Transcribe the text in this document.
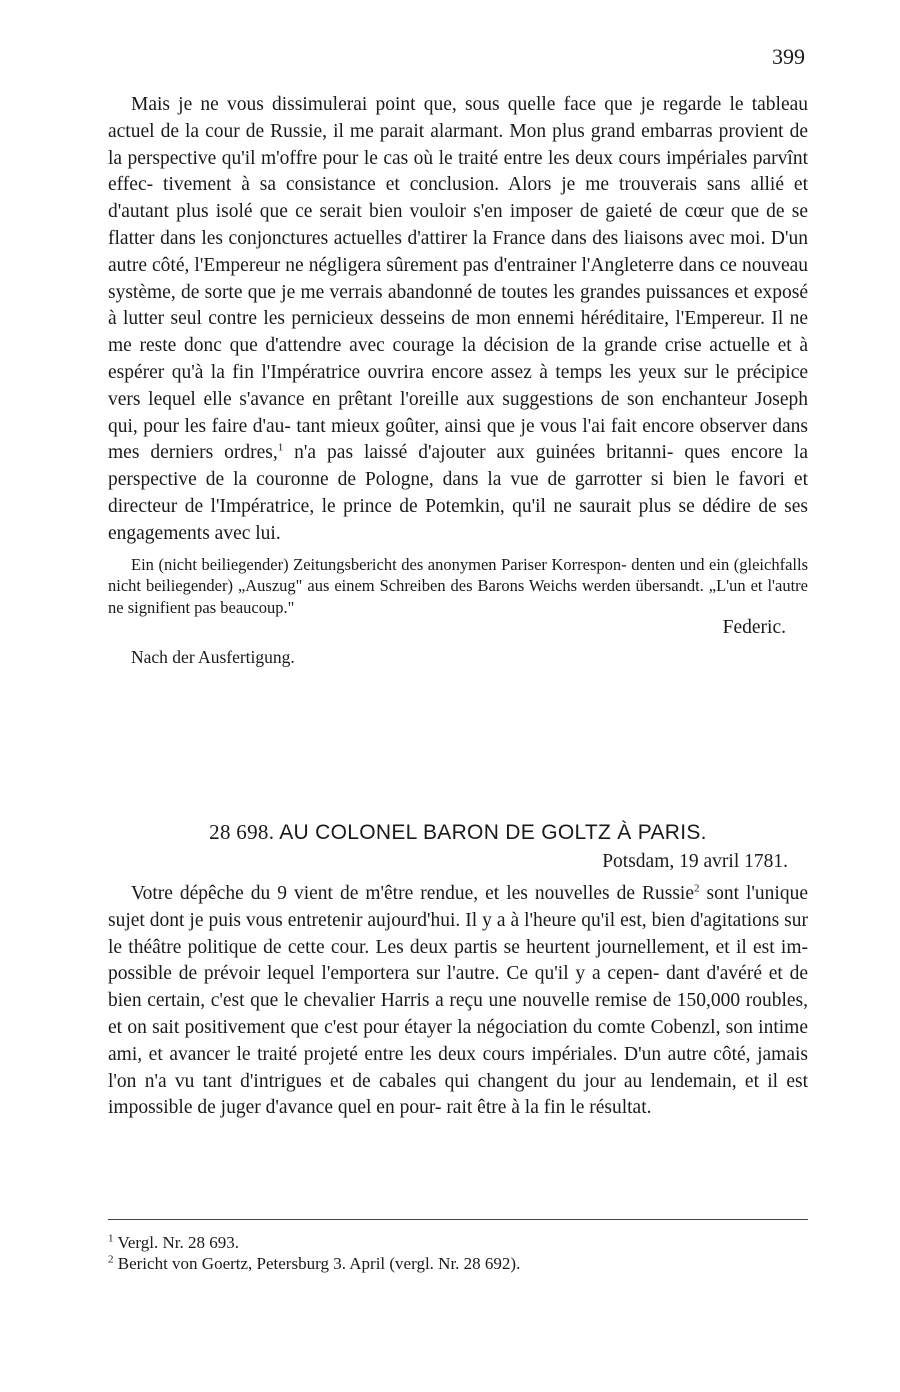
399

Mais je ne vous dissimulerai point que, sous quelle face que je regarde le tableau actuel de la cour de Russie, il me parait alarmant. Mon plus grand embarras provient de la perspective qu'il m'offre pour le cas où le traité entre les deux cours impériales parvînt effec- tivement à sa consistance et conclusion. Alors je me trouverais sans allié et d'autant plus isolé que ce serait bien vouloir s'en imposer de gaieté de cœur que de se flatter dans les conjonctures actuelles d'attirer la France dans des liaisons avec moi. D'un autre côté, l'Empereur ne négligera sûrement pas d'entrainer l'Angleterre dans ce nouveau système, de sorte que je me verrais abandonné de toutes les grandes puissances et exposé à lutter seul contre les pernicieux desseins de mon ennemi héréditaire, l'Empereur. Il ne me reste donc que d'attendre avec courage la décision de la grande crise actuelle et à espérer qu'à la fin l'Impératrice ouvrira encore assez à temps les yeux sur le précipice vers lequel elle s'avance en prêtant l'oreille aux suggestions de son enchanteur Joseph qui, pour les faire d'au- tant mieux goûter, ainsi que je vous l'ai fait encore observer dans mes derniers ordres,$^1$ n'a pas laissé d'ajouter aux guinées britanni- ques encore la perspective de la couronne de Pologne, dans la vue de garrotter si bien le favori et directeur de l'Impératrice, le prince de Potemkin, qu'il ne saurait plus se dédire de ses engagements avec lui.

Ein (nicht beiliegender) Zeitungsbericht des anonymen Pariser Korrespon- denten und ein (gleichfalls nicht beiliegender) „Auszug" aus einem Schreiben des Barons Weichs werden übersandt. „L'un et l'autre ne signifient pas beaucoup."

Federic.

Nach der Ausfertigung.

28 698. AU COLONEL BARON DE GOLTZ À PARIS.

Potsdam, 19 avril 1781.

Votre dépêche du 9 vient de m'être rendue, et les nouvelles de Russie$^2$ sont l'unique sujet dont je puis vous entretenir aujourd'hui. Il y a à l'heure qu'il est, bien d'agitations sur le théâtre politique de cette cour. Les deux partis se heurtent journellement, et il est im- possible de prévoir lequel l'emportera sur l'autre. Ce qu'il y a cepen- dant d'avéré et de bien certain, c'est que le chevalier Harris a reçu une nouvelle remise de 150,000 roubles, et on sait positivement que c'est pour étayer la négociation du comte Cobenzl, son intime ami, et avancer le traité projeté entre les deux cours impériales. D'un autre côté, jamais l'on n'a vu tant d'intrigues et de cabales qui changent du jour au lendemain, et il est impossible de juger d'avance quel en pour- rait être à la fin le résultat.

$^1$ Vergl. Nr. 28 693.

$^2$ Bericht von Goertz, Petersburg 3. April (vergl. Nr. 28 692).
